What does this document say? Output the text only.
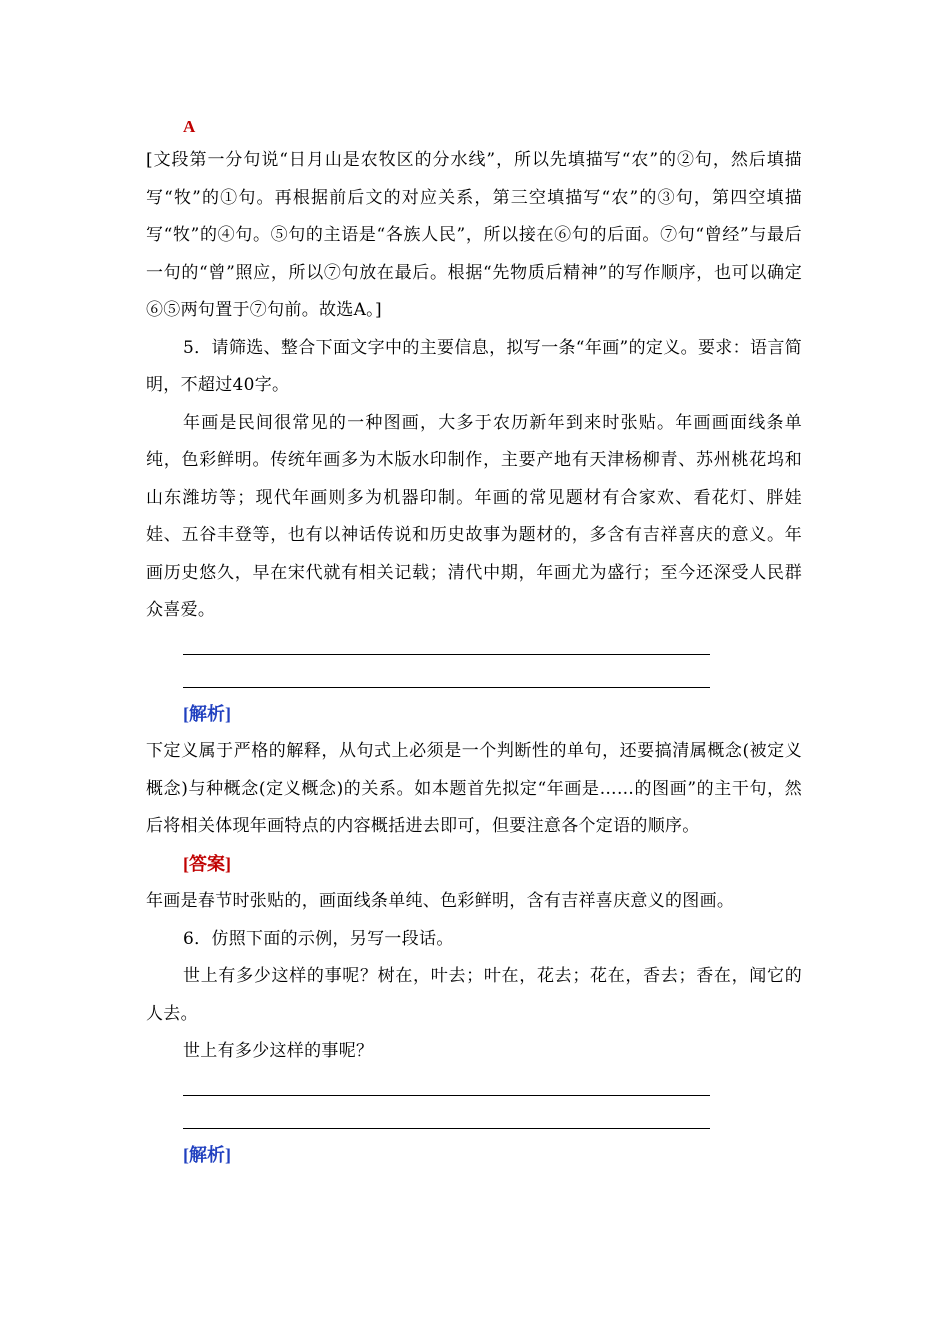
A

[文段第一分句说“日月山是农牧区的分水线”，所以先填描写“农”的②句，然后填描写“牧”的①句。再根据前后文的对应关系，第三空填描写“农”的③句，第四空填描写“牧”的④句。⑤句的主语是“各族人民”，所以接在⑥句的后面。⑦句“曾经”与最后一句的“曾”照应，所以⑦句放在最后。根据“先物质后精神”的写作顺序，也可以确定⑥⑤两句置于⑦句前。故选A。]

5．请筛选、整合下面文字中的主要信息，拟写一条“年画”的定义。要求：语言简明，不超过40字。

年画是民间很常见的一种图画，大多于农历新年到来时张贴。年画画面线条单纯，色彩鲜明。传统年画多为木版水印制作，主要产地有天津杨柳青、苏州桃花坞和山东潍坊等；现代年画则多为机器印制。年画的常见题材有合家欢、看花灯、胖娃娃、五谷丰登等，也有以神话传说和历史故事为题材的，多含有吉祥喜庆的意义。年画历史悠久，早在宋代就有相关记载；清代中期，年画尤为盛行；至今还深受人民群众喜爱。

[解析]

下定义属于严格的解释，从句式上必须是一个判断性的单句，还要搞清属概念(被定义概念)与种概念(定义概念)的关系。如本题首先拟定“年画是……的图画”的主干句，然后将相关体现年画特点的内容概括进去即可，但要注意各个定语的顺序。

[答案]

年画是春节时张贴的，画面线条单纯、色彩鲜明，含有吉祥喜庆意义的图画。

6．仿照下面的示例，另写一段话。

世上有多少这样的事呢？树在，叶去；叶在，花去；花在，香去；香在，闻它的人去。

世上有多少这样的事呢？

[解析]
